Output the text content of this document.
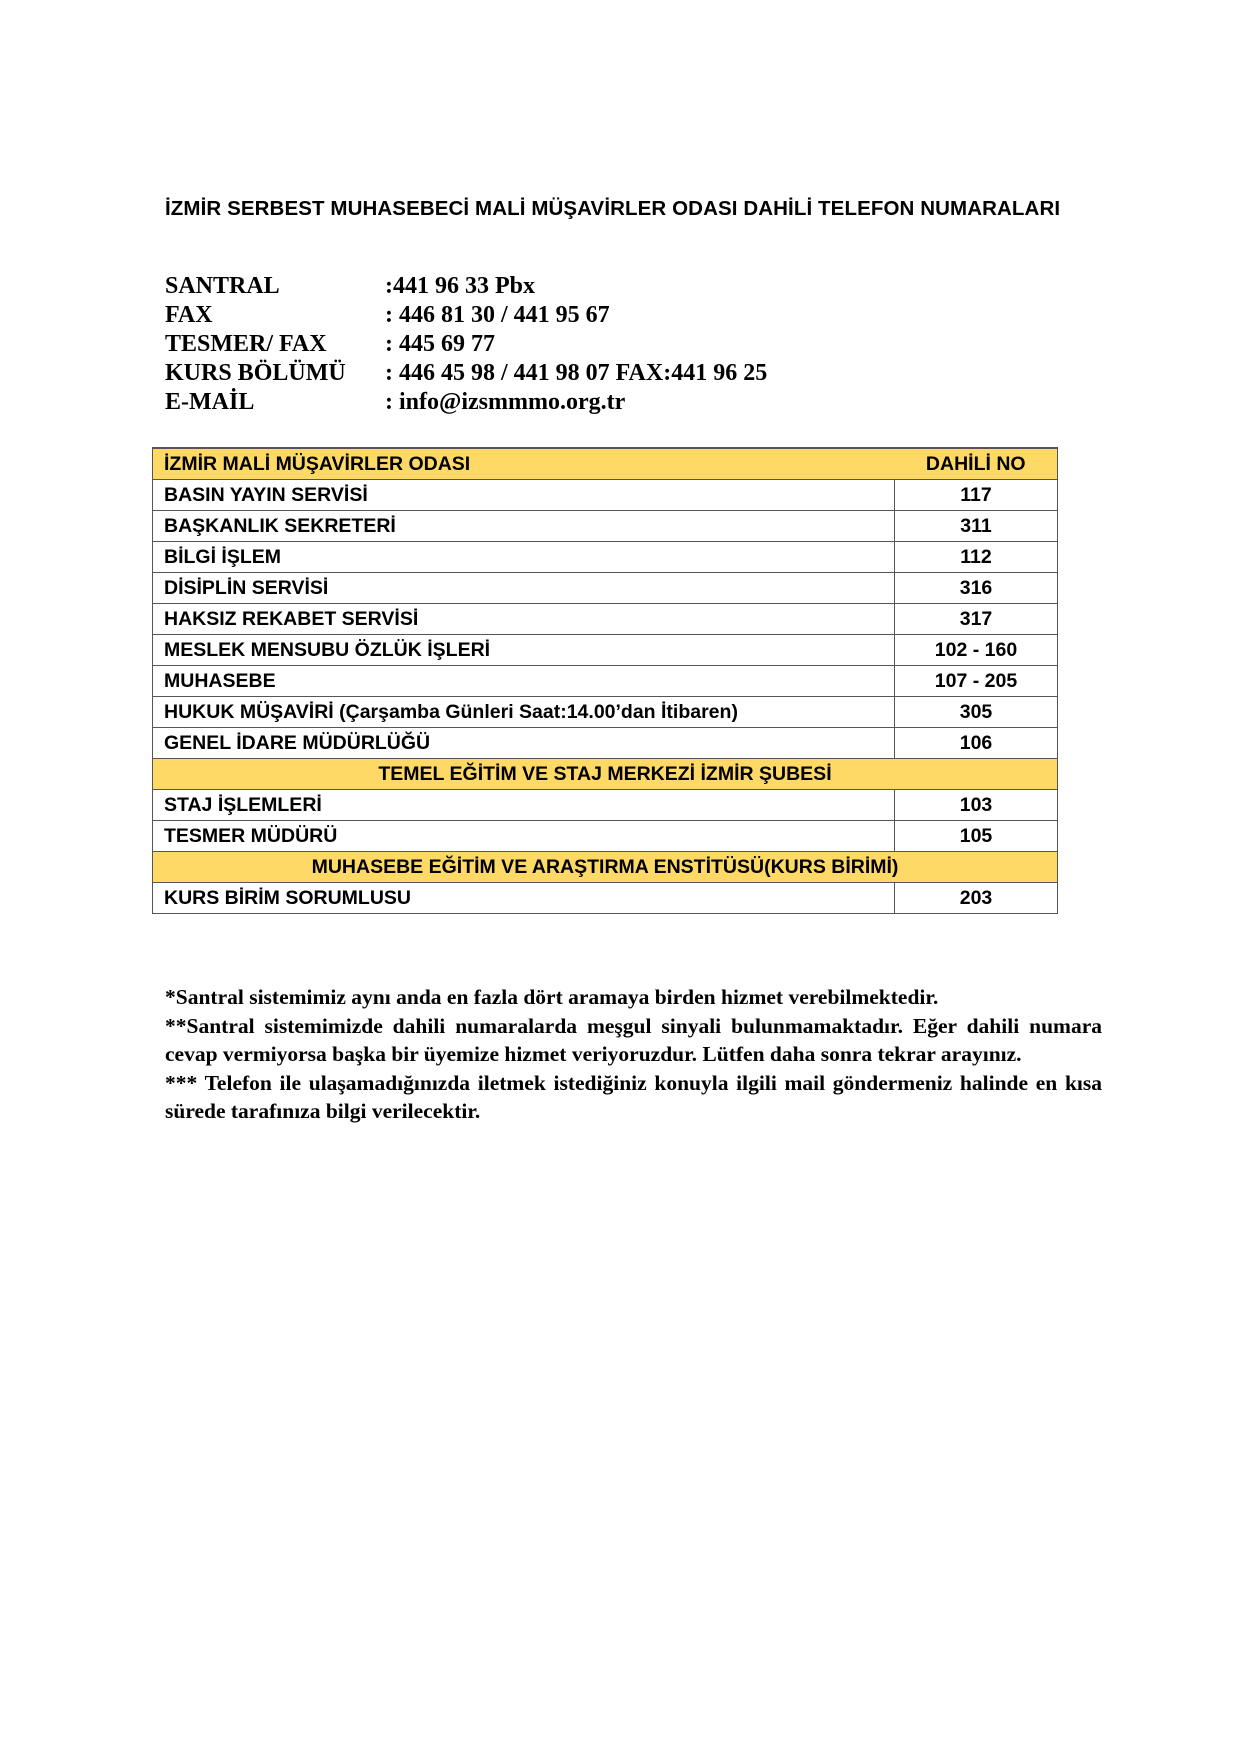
İZMİR SERBEST MUHASEBECİ MALİ MÜŞAVİRLER ODASI DAHİLİ TELEFON NUMARALARI
SANTRAL	:441 96 33 Pbx
FAX	: 446 81 30 / 441 95 67
TESMER/ FAX : 445 69 77
KURS BÖLÜMÜ : 446 45 98 / 441 98 07 FAX:441 96 25
E-MAİL	: info@izsmmmo.org.tr
İZMİR MALİ MÜŞAVİRLER ODASI	DAHİLİ NO
BASIN YAYIN SERVİSİ	117
BAŞKANLIK SEKRETERİ	311
BİLGİ İŞLEM	112
DİSİPLİN SERVİSİ	316
HAKSIZ REKABET SERVİSİ	317
MESLEK MENSUBU ÖZLÜK İŞLERİ	102 - 160
MUHASEBE	107 - 205
HUKUK MÜŞAVİRİ (Çarşamba Günleri Saat:14.00’dan İtibaren)	305
GENEL İDARE MÜDÜRLÜĞÜ	106
TEMEL EĞİTİM VE STAJ MERKEZİ İZMİR ŞUBESİ	
STAJ İŞLEMLERİ	103
TESMER MÜDÜRÜ	105
MUHASEBE EĞİTİM VE ARAŞTIRMA ENSTİTÜSÜ(KURS BİRİMİ)	
KURS BİRİM SORUMLUSU	203

*Santral sistemimiz aynı anda en fazla dört aramaya birden hizmet verebilmektedir.

**Santral sistemimizde dahili numaralarda meşgul sinyali bulunmamaktadır. Eğer dahili numara cevap vermiyorsa başka bir üyemize hizmet veriyoruzdur. Lütfen daha sonra tekrar arayınız.

*** Telefon ile ulaşamadığınızda iletmek istediğiniz konuyla ilgili mail göndermeniz halinde en kısa sürede tarafınıza bilgi verilecektir.
